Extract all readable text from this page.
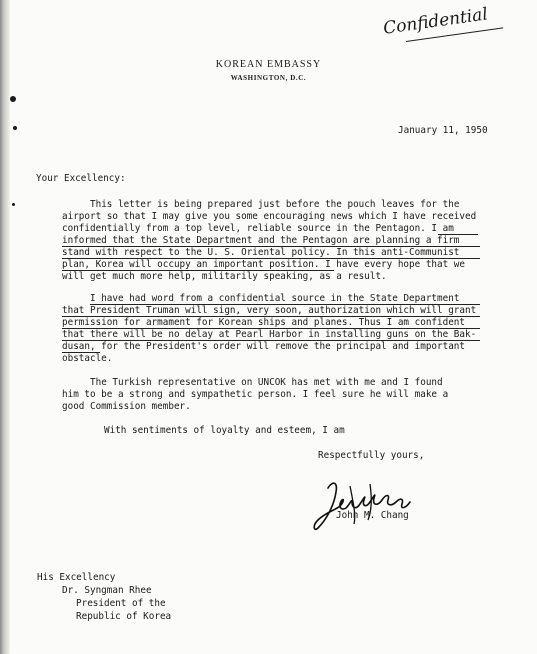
Confidential
KOREAN EMBASSY
WASHINGTON, D.C.
January 11, 1950
Your Excellency:
This letter is being prepared just before the pouch leaves for the
airport so that I may give you some encouraging news which I have received
confidentially from a top level, reliable source in the Pentagon. I am
informed that the State Department and the Pentagon are planning a firm
stand with respect to the U. S. Oriental policy. In this anti-Communist
plan, Korea will occupy an important position. I have every hope that we
will get much more help, militarily speaking, as a result.
I have had word from a confidential source in the State Department
that President Truman will sign, very soon, authorization which will grant
permission for armament for Korean ships and planes. Thus I am confident
that there will be no delay at Pearl Harbor in installing guns on the Bak-
dusan, for the President's order will remove the principal and important
obstacle.
The Turkish representative on UNCOK has met with me and I found
him to be a strong and sympathetic person. I feel sure he will make a
good Commission member.
With sentiments of loyalty and esteem, I am
Respectfully yours,
John M. Chang
His Excellency
Dr. Syngman Rhee
President of the
Republic of Korea
